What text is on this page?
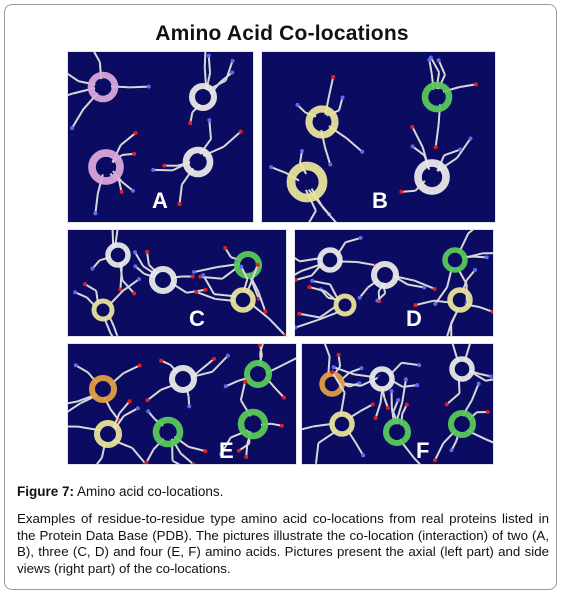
Amino Acid Co-locations
A	B
C	D
E	F
Figure 7: Amino acid co-locations.
Examples of residue-to-residue type amino acid co-locations from real proteins listed in the Protein Data Base (PDB). The pictures illustrate the co-location (interaction) of two (A, B), three (C, D) and four (E, F) amino acids. Pictures present the axial (left part) and side views (right part) of the co-locations.
